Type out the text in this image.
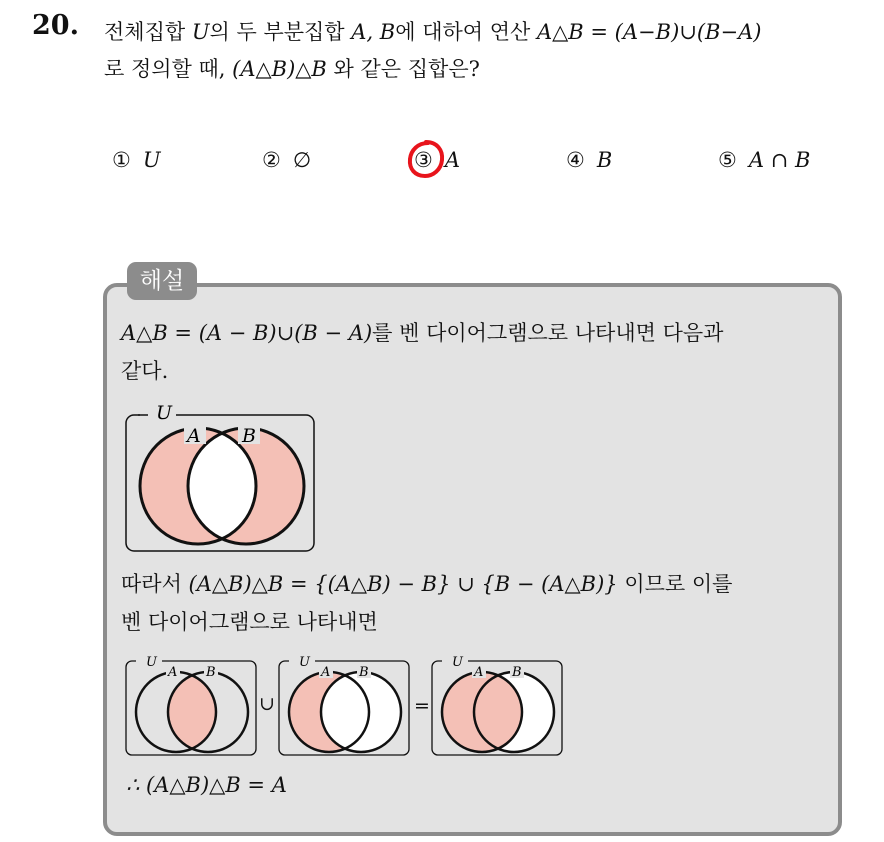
20. 전체집합 U의 두 부분집합 A, B에 대하여 연산 A△B = (A−B)∪(B−A)
로 정의할 때, (A△B)△B 와 같은 집합은?
① U	② ∅	③ A	④ B	⑤ A ∩ B
해설
A△B = (A − B)∪(B − A)를 벤 다이어그램으로 나타내면 다음과
같다.
U
A B
따라서 (A△B)△B = {(A△B) − B} ∪ {B − (A△B)} 이므로 이를
벤 다이어그램으로 나타내면
U
A B
∪
U
A B
=
U
A B
∴ (A△B)△B = A
